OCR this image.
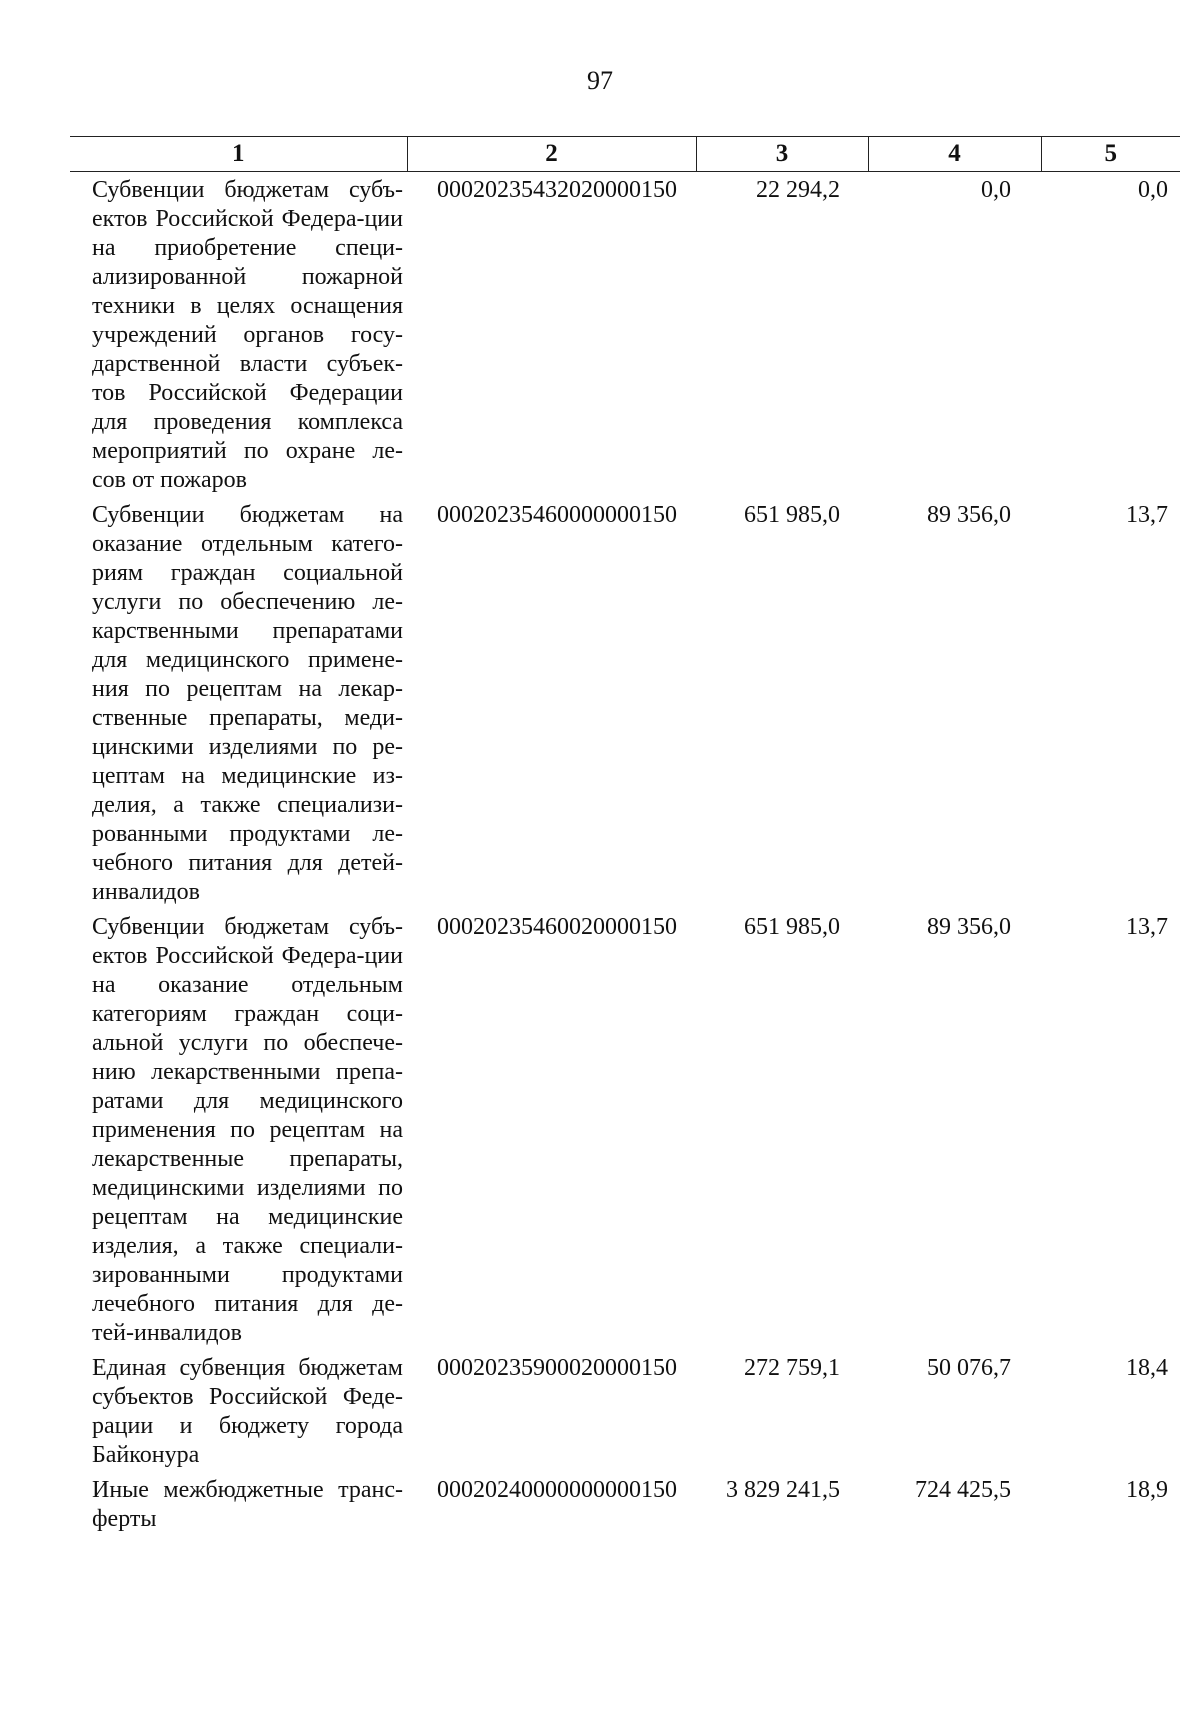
97
1	2	3	4	5
Субвенции бюджетам субъ-ектов Российской Федера-ции на приобретение специ-ализированной пожарной техники в целях оснащения учреждений органов госу-дарственной власти субъек-тов Российской Федерации для проведения комплекса мероприятий по охране ле-сов от пожаров	00020235432020000150	22 294,2	0,0	0,0
Субвенции бюджетам на оказание отдельным катего-риям граждан социальной услуги по обеспечению ле-карственными препаратами для медицинского примене-ния по рецептам на лекар-ственные препараты, меди-цинскими изделиями по ре-цептам на медицинские из-делия, а также специализи-рованными продуктами ле-чебного питания для детей-инвалидов	00020235460000000150	651 985,0	89 356,0	13,7
Субвенции бюджетам субъ-ектов Российской Федера-ции на оказание отдельным категориям граждан соци-альной услуги по обеспече-нию лекарственными препа-ратами для медицинского применения по рецептам на лекарственные препараты, медицинскими изделиями по рецептам на медицинские изделия, а также специали-зированными продуктами лечебного питания для де-тей-инвалидов	00020235460020000150	651 985,0	89 356,0	13,7
Единая субвенция бюджетам субъектов Российской Феде-рации и бюджету города Байконура	00020235900020000150	272 759,1	50 076,7	18,4
Иные межбюджетные транс-ферты	00020240000000000150	3 829 241,5	724 425,5	18,9
